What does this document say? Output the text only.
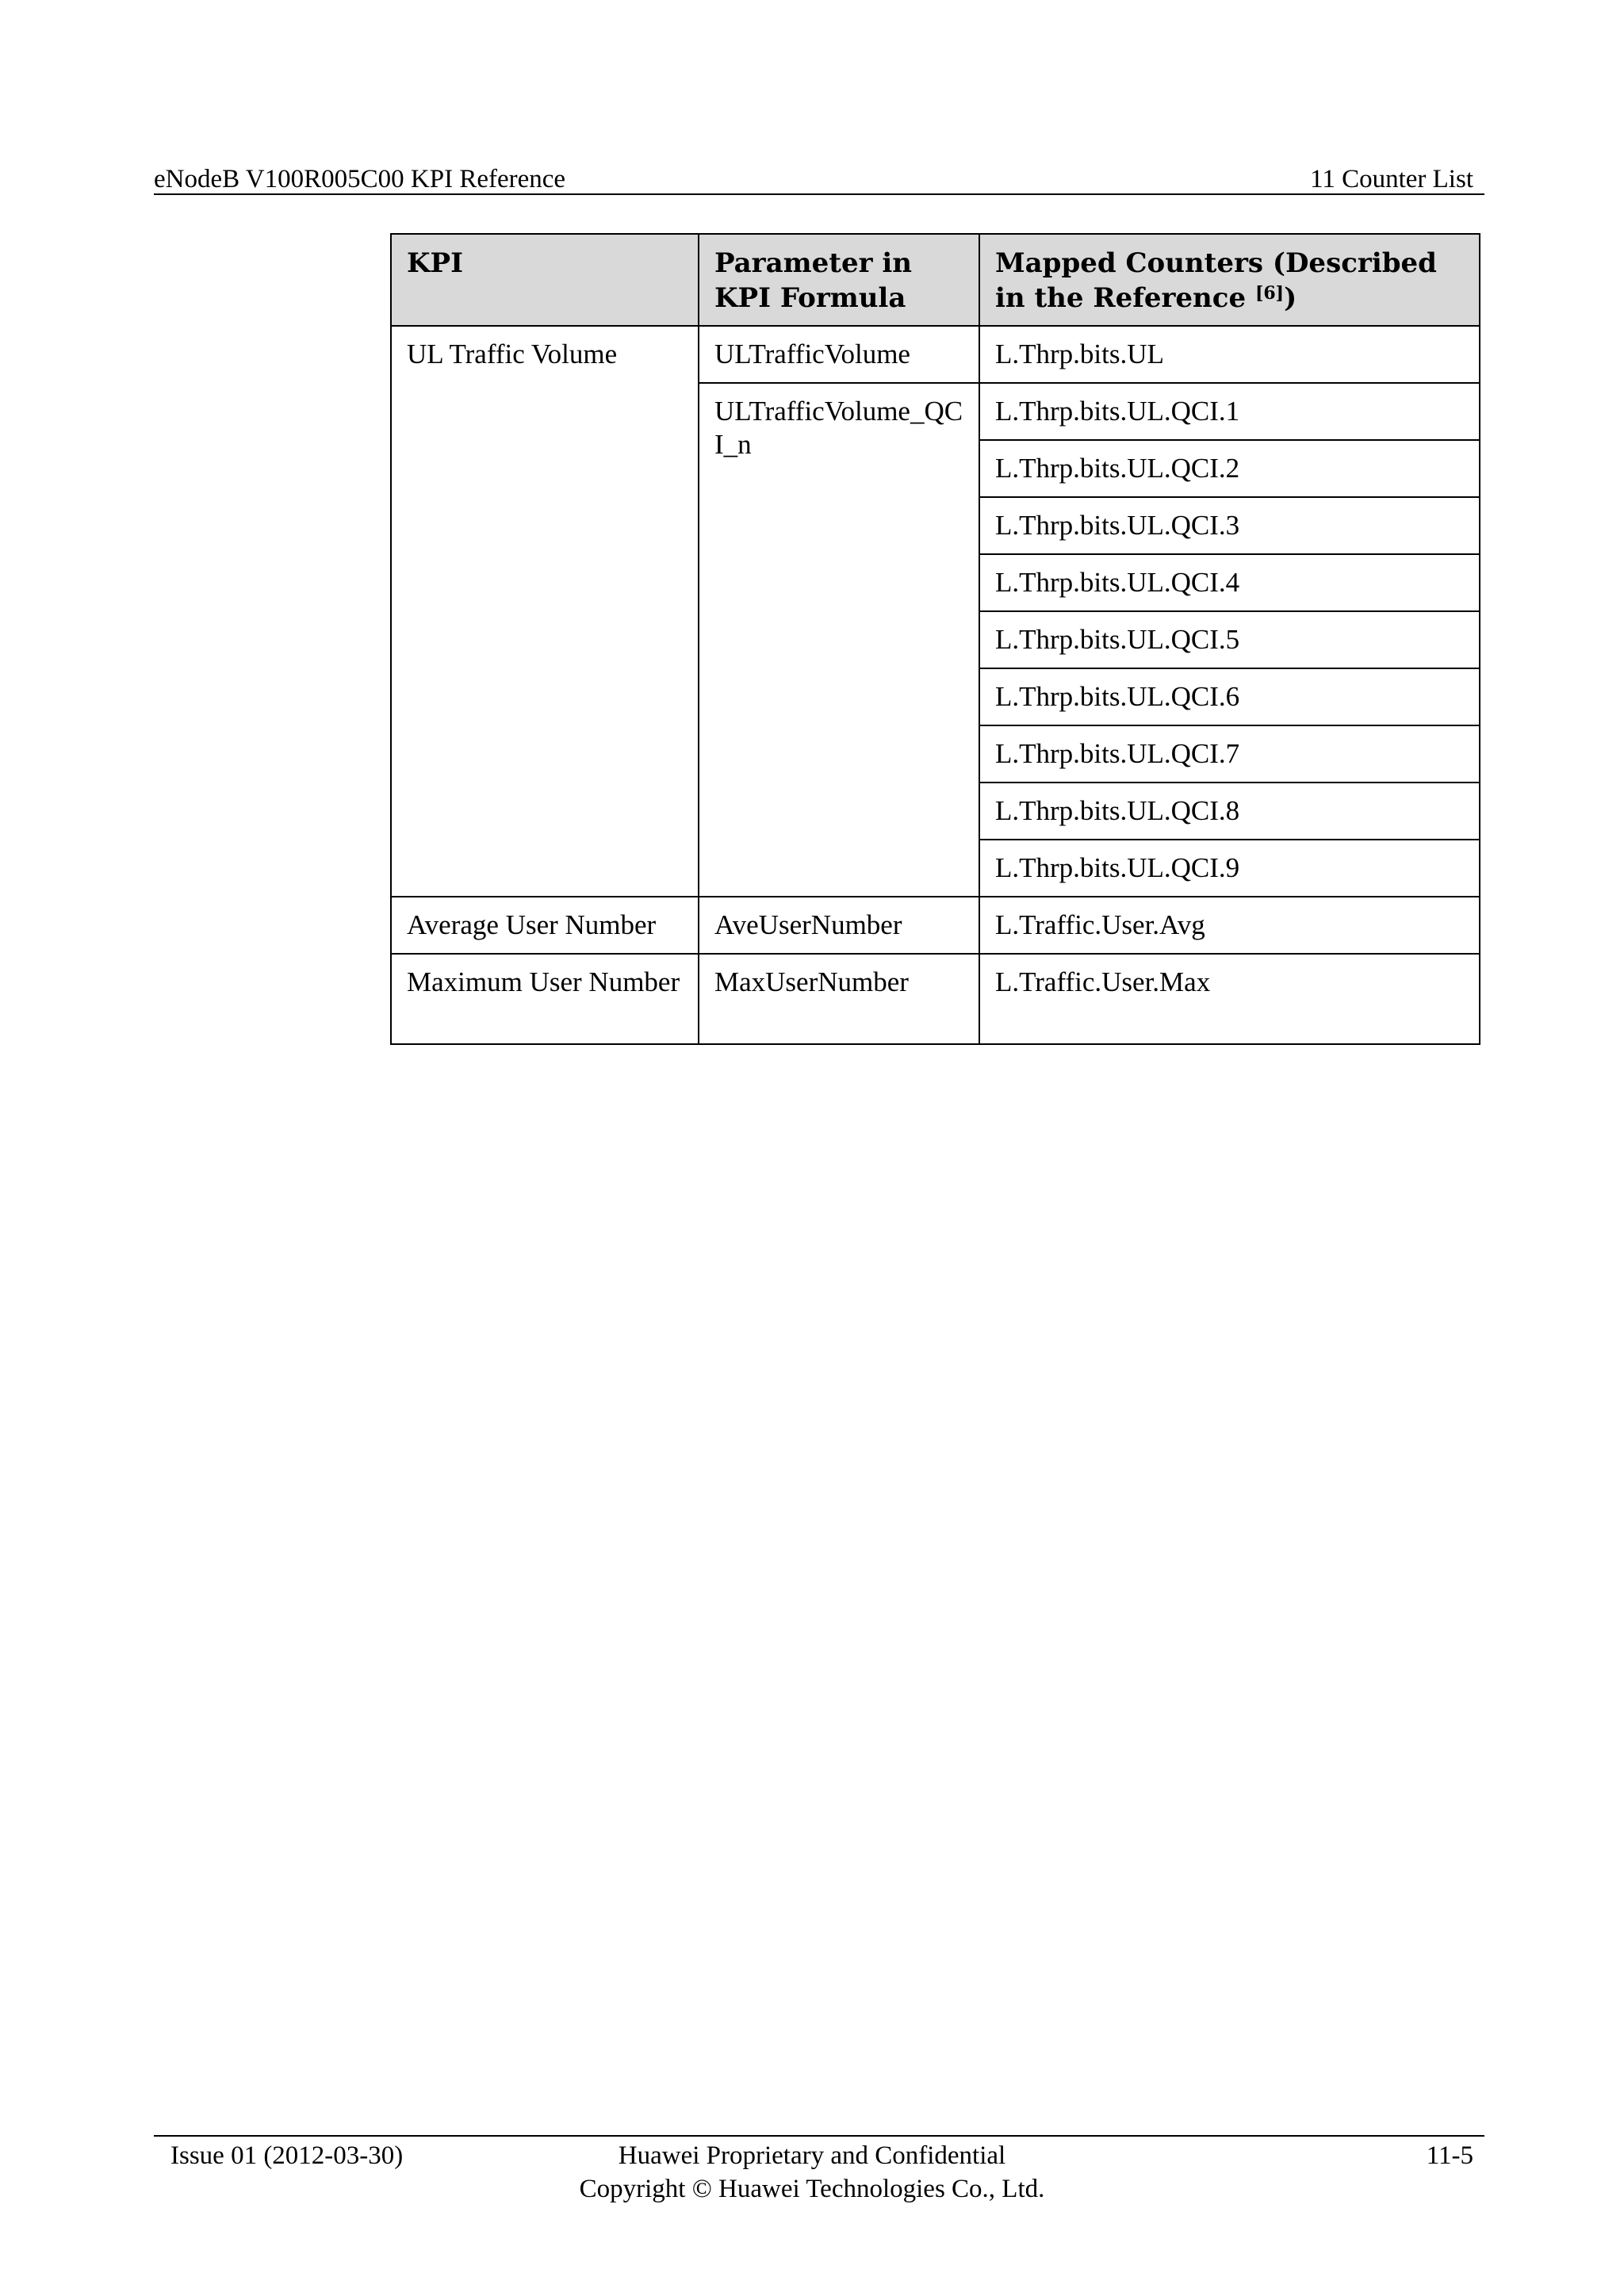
eNodeB V100R005C00 KPI Reference	11 Counter List
KPI	Parameter in KPI Formula	Mapped Counters (Described in the Reference [6])
UL Traffic Volume	ULTrafficVolume	L.Thrp.bits.UL
	ULTrafficVolume_QCI_n	L.Thrp.bits.UL.QCI.1
		L.Thrp.bits.UL.QCI.2
		L.Thrp.bits.UL.QCI.3
		L.Thrp.bits.UL.QCI.4
		L.Thrp.bits.UL.QCI.5
		L.Thrp.bits.UL.QCI.6
		L.Thrp.bits.UL.QCI.7
		L.Thrp.bits.UL.QCI.8
		L.Thrp.bits.UL.QCI.9
Average User Number	AveUserNumber	L.Traffic.User.Avg
Maximum User Number	MaxUserNumber	L.Traffic.User.Max
Issue 01 (2012-03-30)	Huawei Proprietary and Confidential
Copyright © Huawei Technologies Co., Ltd.
11-5
